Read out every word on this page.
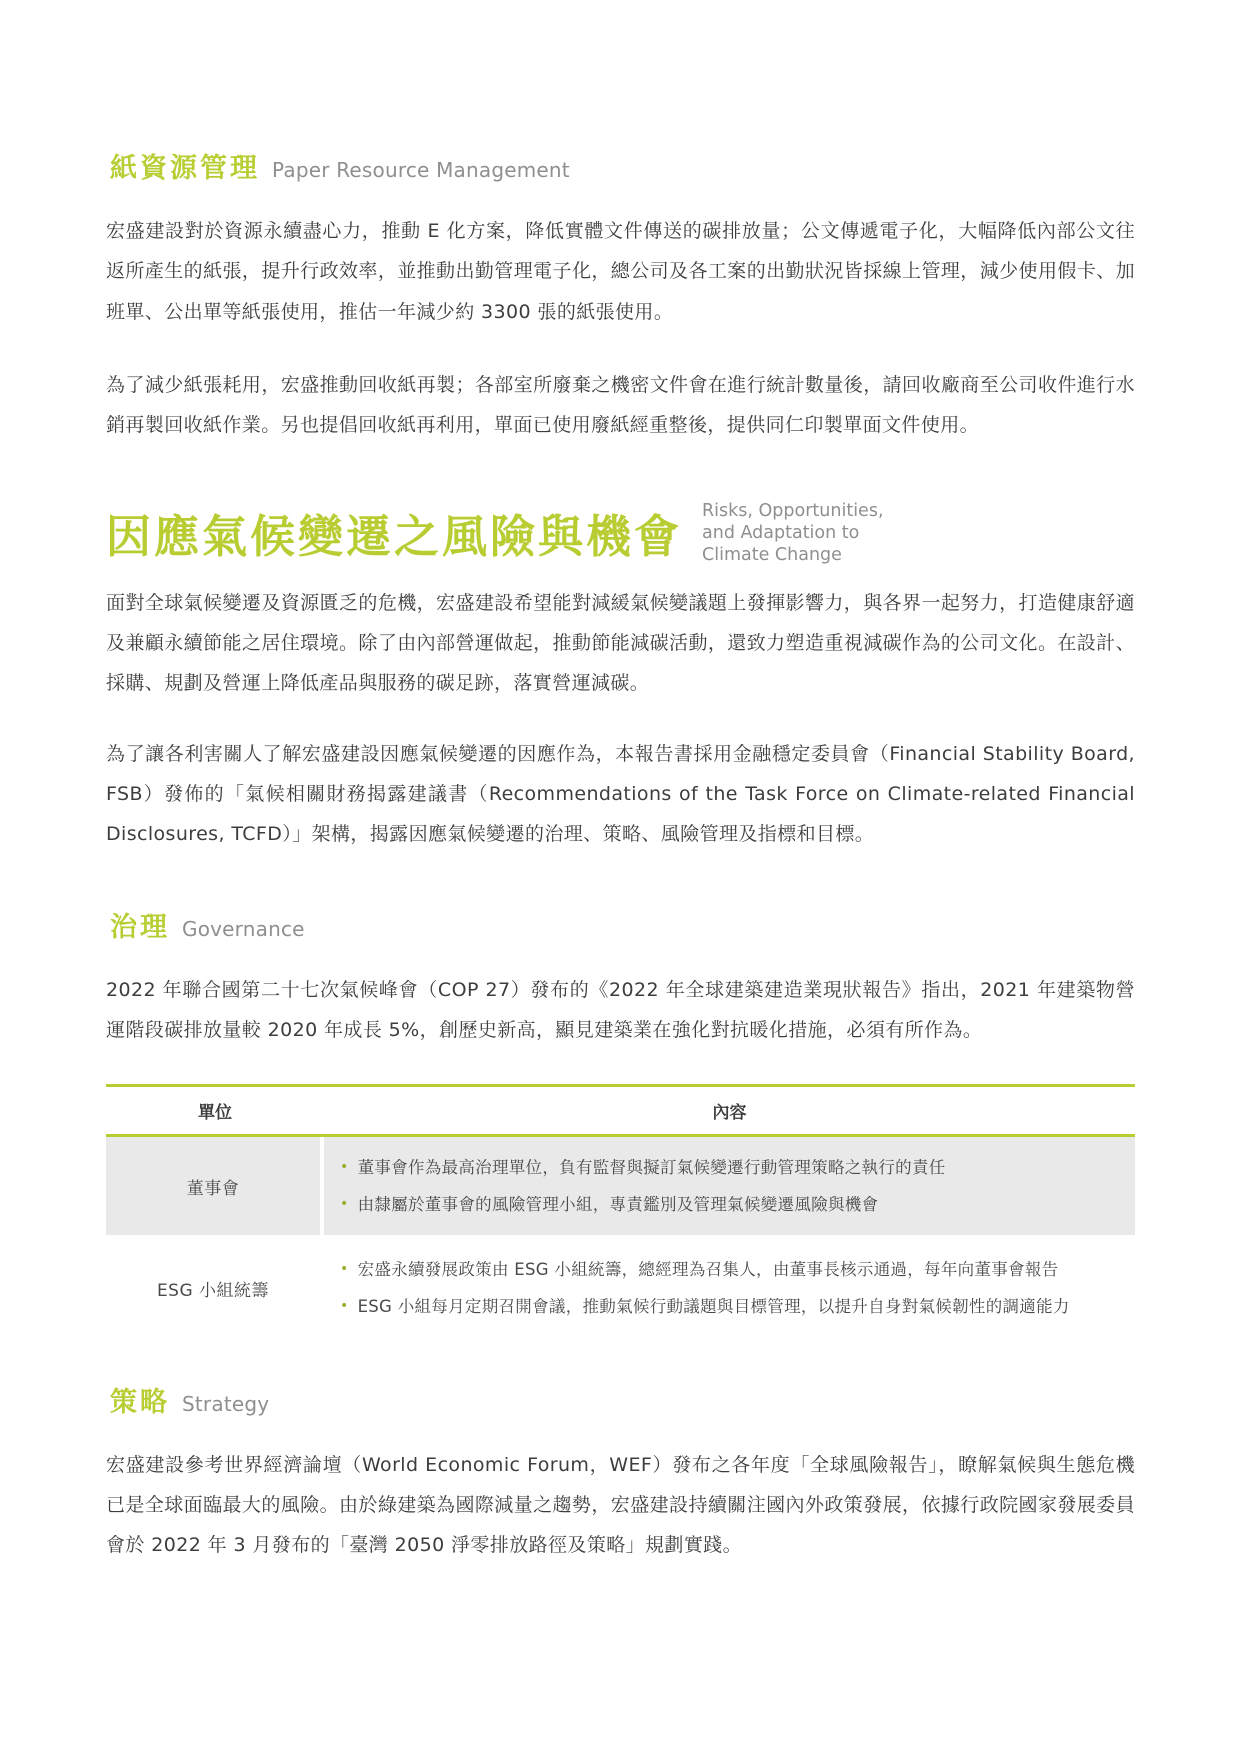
紙資源管理 Paper Resource Management

宏盛建設對於資源永續盡心力，推動 E 化方案，降低實體文件傳送的碳排放量；公文傳遞電子化，大幅降低內部公文往返所產生的紙張，提升行政效率，並推動出勤管理電子化，總公司及各工案的出勤狀況皆採線上管理，減少使用假卡、加班單、公出單等紙張使用，推估一年減少約 3300 張的紙張使用。

為了減少紙張耗用，宏盛推動回收紙再製；各部室所廢棄之機密文件會在進行統計數量後，請回收廠商至公司收件進行水銷再製回收紙作業。另也提倡回收紙再利用，單面已使用廢紙經重整後，提供同仁印製單面文件使用。

因應氣候變遷之風險與機會 Risks, Opportunities,
and Adaptation to
Climate Change

面對全球氣候變遷及資源匱乏的危機，宏盛建設希望能對減緩氣候變議題上發揮影響力，與各界一起努力，打造健康舒適及兼顧永續節能之居住環境。除了由內部營運做起，推動節能減碳活動，還致力塑造重視減碳作為的公司文化。在設計、採購、規劃及營運上降低產品與服務的碳足跡，落實營運減碳。

為了讓各利害關人了解宏盛建設因應氣候變遷的因應作為，本報告書採用金融穩定委員會（Financial Stability Board, FSB）發佈的「氣候相關財務揭露建議書（Recommendations of the Task Force on Climate-related Financial Disclosures, TCFD）」架構，揭露因應氣候變遷的治理、策略、風險管理及指標和目標。

治理 Governance

2022 年聯合國第二十七次氣候峰會（COP 27）發布的《2022 年全球建築建造業現狀報告》指出，2021 年建築物營運階段碳排放量較 2020 年成長 5%，創歷史新高，顯見建築業在強化對抗暖化措施，必須有所作為。

單位	內容
董事會
• 董事會作為最高治理單位，負有監督與擬訂氣候變遷行動管理策略之執行的責任
• 由隸屬於董事會的風險管理小組，專責鑑別及管理氣候變遷風險與機會
ESG 小組統籌
• 宏盛永續發展政策由 ESG 小組統籌，總經理為召集人，由董事長核示通過，每年向董事會報告
• ESG 小組每月定期召開會議，推動氣候行動議題與目標管理，以提升自身對氣候韌性的調適能力
策略 Strategy

宏盛建設參考世界經濟論壇（World Economic Forum，WEF）發布之各年度「全球風險報告」，瞭解氣候與生態危機已是全球面臨最大的風險。由於綠建築為國際減量之趨勢，宏盛建設持續關注國內外政策發展，依據行政院國家發展委員會於 2022 年 3 月發布的「臺灣 2050 淨零排放路徑及策略」規劃實踐。
